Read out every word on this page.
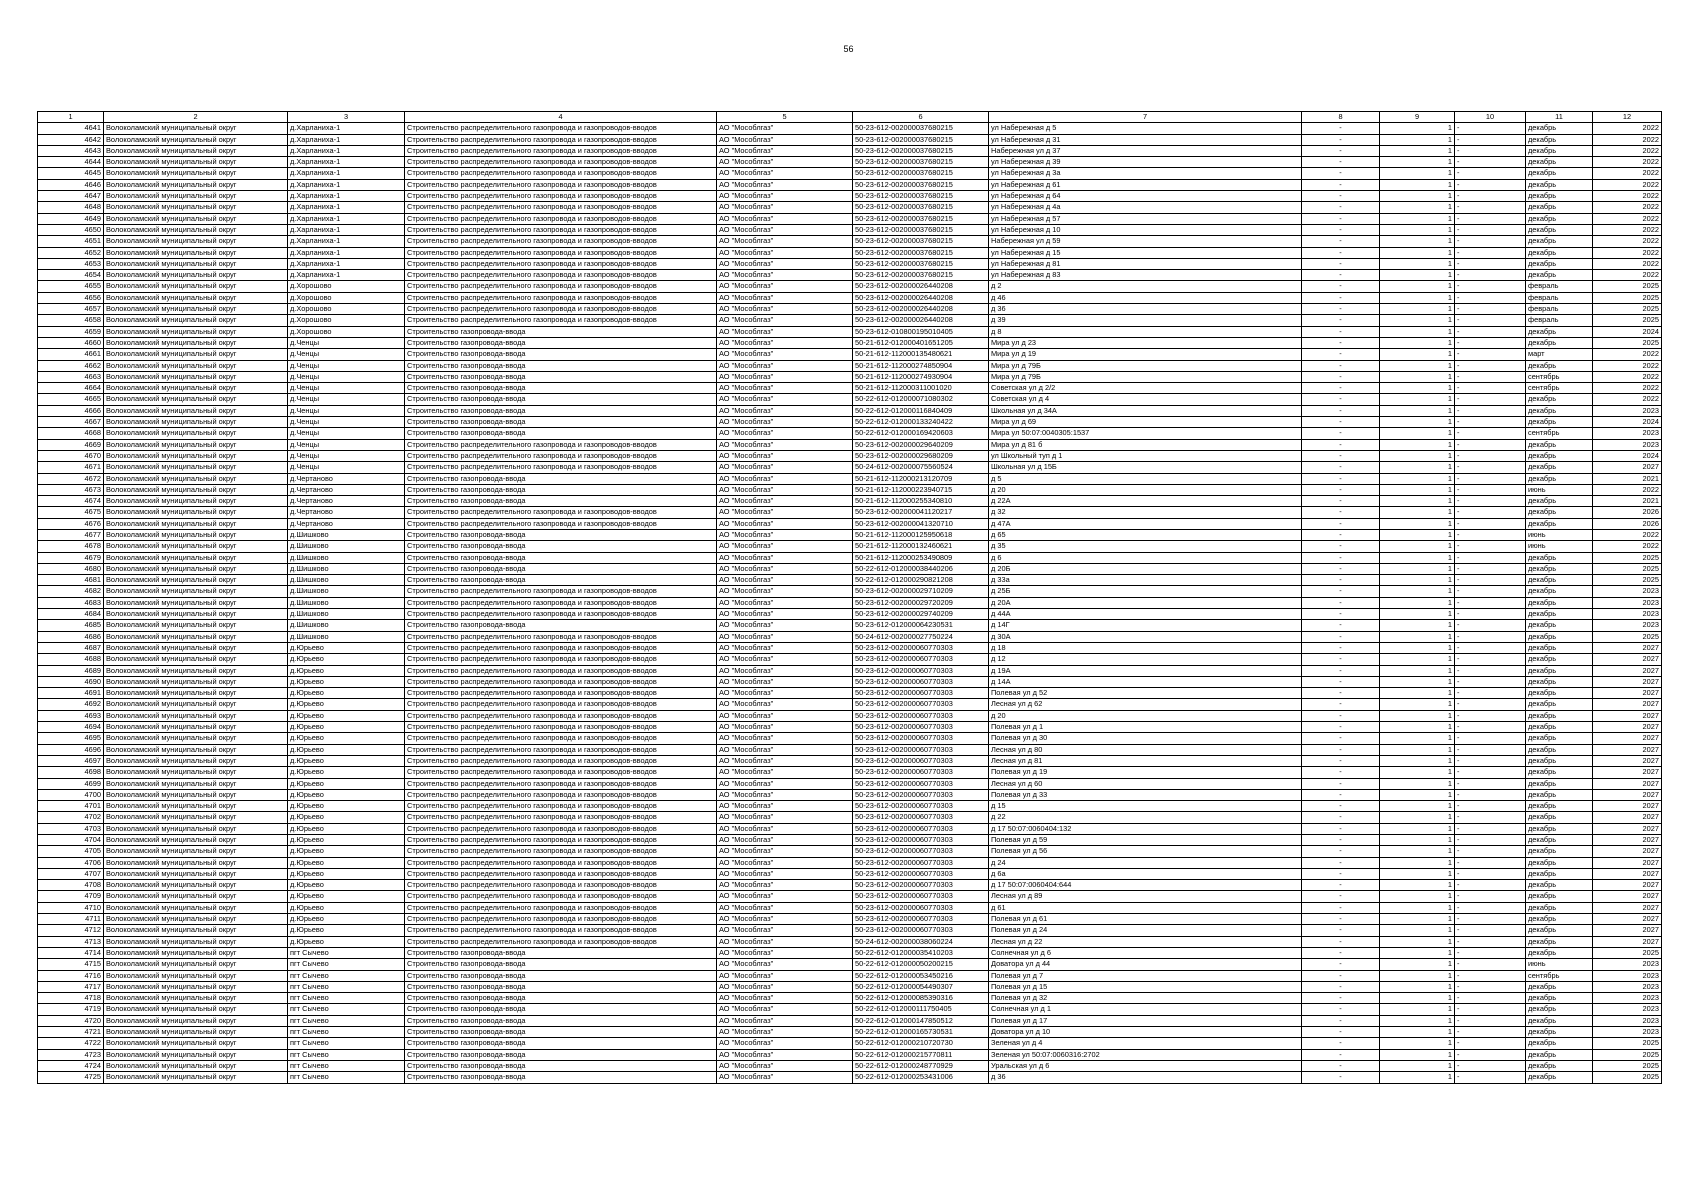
56
1	2	3	4	5	6	7	8	9	10	11	12
4641	Волоколамский муниципальный округ	д.Харланиха-1	Строительство распределительного газопровода и газопроводов-вводов	АО "Мособлгаз"	50-23-612-002000037680215	ул Набережная д 5	-	1	-	декабрь	2022
4642	Волоколамский муниципальный округ	д.Харланиха-1	Строительство распределительного газопровода и газопроводов-вводов	АО "Мособлгаз"	50-23-612-002000037680215	ул Набережная д 31	-	1	-	декабрь	2022
4643	Волоколамский муниципальный округ	д.Харланиха-1	Строительство распределительного газопровода и газопроводов-вводов	АО "Мособлгаз"	50-23-612-002000037680215	Набережная ул д 37	-	1	-	декабрь	2022
4644	Волоколамский муниципальный округ	д.Харланиха-1	Строительство распределительного газопровода и газопроводов-вводов	АО "Мособлгаз"	50-23-612-002000037680215	ул Набережная д 39	-	1	-	декабрь	2022
4645	Волоколамский муниципальный округ	д.Харланиха-1	Строительство распределительного газопровода и газопроводов-вводов	АО "Мособлгаз"	50-23-612-002000037680215	ул Набережная д 3а	-	1	-	декабрь	2022
4646	Волоколамский муниципальный округ	д.Харланиха-1	Строительство распределительного газопровода и газопроводов-вводов	АО "Мособлгаз"	50-23-612-002000037680215	ул Набережная д 61	-	1	-	декабрь	2022
4647	Волоколамский муниципальный округ	д.Харланиха-1	Строительство распределительного газопровода и газопроводов-вводов	АО "Мособлгаз"	50-23-612-002000037680215	ул Набережная д 64	-	1	-	декабрь	2022
4648	Волоколамский муниципальный округ	д.Харланиха-1	Строительство распределительного газопровода и газопроводов-вводов	АО "Мособлгаз"	50-23-612-002000037680215	ул Набережная д 4а	-	1	-	декабрь	2022
4649	Волоколамский муниципальный округ	д.Харланиха-1	Строительство распределительного газопровода и газопроводов-вводов	АО "Мособлгаз"	50-23-612-002000037680215	ул Набережная д 57	-	1	-	декабрь	2022
4650	Волоколамский муниципальный округ	д.Харланиха-1	Строительство распределительного газопровода и газопроводов-вводов	АО "Мособлгаз"	50-23-612-002000037680215	ул Набережная д 10	-	1	-	декабрь	2022
4651	Волоколамский муниципальный округ	д.Харланиха-1	Строительство распределительного газопровода и газопроводов-вводов	АО "Мособлгаз"	50-23-612-002000037680215	Набережная ул д 59	-	1	-	декабрь	2022
4652	Волоколамский муниципальный округ	д.Харланиха-1	Строительство распределительного газопровода и газопроводов-вводов	АО "Мособлгаз"	50-23-612-002000037680215	ул Набережная д 15	-	1	-	декабрь	2022
4653	Волоколамский муниципальный округ	д.Харланиха-1	Строительство распределительного газопровода и газопроводов-вводов	АО "Мособлгаз"	50-23-612-002000037680215	ул Набережная д 81	-	1	-	декабрь	2022
4654	Волоколамский муниципальный округ	д.Харланиха-1	Строительство распределительного газопровода и газопроводов-вводов	АО "Мособлгаз"	50-23-612-002000037680215	ул Набережная д 83	-	1	-	декабрь	2022
4655	Волоколамский муниципальный округ	д.Хорошово	Строительство распределительного газопровода и газопроводов-вводов	АО "Мособлгаз"	50-23-612-002000026440208	д 2	-	1	-	февраль	2025
4656	Волоколамский муниципальный округ	д.Хорошово	Строительство распределительного газопровода и газопроводов-вводов	АО "Мособлгаз"	50-23-612-002000026440208	д 46	-	1	-	февраль	2025
4657	Волоколамский муниципальный округ	д.Хорошово	Строительство распределительного газопровода и газопроводов-вводов	АО "Мособлгаз"	50-23-612-002000026440208	д 36	-	1	-	февраль	2025
4658	Волоколамский муниципальный округ	д.Хорошово	Строительство распределительного газопровода и газопроводов-вводов	АО "Мособлгаз"	50-23-612-002000026440208	д 39	-	1	-	февраль	2025
4659	Волоколамский муниципальный округ	д.Хорошово	Строительство газопровода-ввода	АО "Мособлгаз"	50-23-612-010800195010405	д 8	-	1	-	декабрь	2024
4660	Волоколамский муниципальный округ	д.Ченцы	Строительство газопровода-ввода	АО "Мособлгаз"	50-21-612-012000401651205	Мира ул д 23	-	1	-	декабрь	2025
4661	Волоколамский муниципальный округ	д.Ченцы	Строительство газопровода-ввода	АО "Мособлгаз"	50-21-612-112000135480621	Мира ул д 19	-	1	-	март	2022
4662	Волоколамский муниципальный округ	д.Ченцы	Строительство газопровода-ввода	АО "Мособлгаз"	50-21-612-112000274850904	Мира ул д 79Б	-	1	-	декабрь	2022
4663	Волоколамский муниципальный округ	д.Ченцы	Строительство газопровода-ввода	АО "Мособлгаз"	50-21-612-112000274930904	Мира ул д 79Б	-	1	-	сентябрь	2022
4664	Волоколамский муниципальный округ	д.Ченцы	Строительство газопровода-ввода	АО "Мособлгаз"	50-21-612-112000311001020	Советская ул д 2/2	-	1	-	сентябрь	2022
4665	Волоколамский муниципальный округ	д.Ченцы	Строительство газопровода-ввода	АО "Мособлгаз"	50-22-612-012000071080302	Советская ул д 4	-	1	-	декабрь	2022
4666	Волоколамский муниципальный округ	д.Ченцы	Строительство газопровода-ввода	АО "Мособлгаз"	50-22-612-012000116840409	Школьная ул д 34А	-	1	-	декабрь	2023
4667	Волоколамский муниципальный округ	д.Ченцы	Строительство газопровода-ввода	АО "Мособлгаз"	50-22-612-012000133240422	Мира ул д 69	-	1	-	декабрь	2024
4668	Волоколамский муниципальный округ	д.Ченцы	Строительство газопровода-ввода	АО "Мособлгаз"	50-22-612-012000169420603	Мира ул 50:07:0040305:1537	-	1	-	сентябрь	2023
4669	Волоколамский муниципальный округ	д.Ченцы	Строительство распределительного газопровода и газопроводов-вводов	АО "Мособлгаз"	50-23-612-002000029640209	Мира ул д 81 б	-	1	-	декабрь	2023
4670	Волоколамский муниципальный округ	д.Ченцы	Строительство распределительного газопровода и газопроводов-вводов	АО "Мособлгаз"	50-23-612-002000029680209	ул Школьный туп д 1	-	1	-	декабрь	2024
4671	Волоколамский муниципальный округ	д.Ченцы	Строительство распределительного газопровода и газопроводов-вводов	АО "Мособлгаз"	50-24-612-002000075560524	Школьная ул д 15Б	-	1	-	декабрь	2027
4672	Волоколамский муниципальный округ	д.Чертаново	Строительство газопровода-ввода	АО "Мособлгаз"	50-21-612-112000213120709	д 5	-	1	-	декабрь	2021
4673	Волоколамский муниципальный округ	д.Чертаново	Строительство газопровода-ввода	АО "Мособлгаз"	50-21-612-112000223940715	д 20	-	1	-	июнь	2022
4674	Волоколамский муниципальный округ	д.Чертаново	Строительство газопровода-ввода	АО "Мособлгаз"	50-21-612-112000255340810	д 22А	-	1	-	декабрь	2021
4675	Волоколамский муниципальный округ	д.Чертаново	Строительство распределительного газопровода и газопроводов-вводов	АО "Мособлгаз"	50-23-612-002000041120217	д 32	-	1	-	декабрь	2026
4676	Волоколамский муниципальный округ	д.Чертаново	Строительство распределительного газопровода и газопроводов-вводов	АО "Мособлгаз"	50-23-612-002000041320710	д 47А	-	1	-	декабрь	2026
4677	Волоколамский муниципальный округ	д.Шишково	Строительство газопровода-ввода	АО "Мособлгаз"	50-21-612-112000125950618	д 65	-	1	-	июнь	2022
4678	Волоколамский муниципальный округ	д.Шишково	Строительство газопровода-ввода	АО "Мособлгаз"	50-21-612-112000132460621	д 35	-	1	-	июнь	2022
4679	Волоколамский муниципальный округ	д.Шишково	Строительство газопровода-ввода	АО "Мособлгаз"	50-21-612-112000253490809	д 6	-	1	-	декабрь	2025
4680	Волоколамский муниципальный округ	д.Шишково	Строительство газопровода-ввода	АО "Мособлгаз"	50-22-612-012000038440206	д 20Б	-	1	-	декабрь	2025
4681	Волоколамский муниципальный округ	д.Шишково	Строительство газопровода-ввода	АО "Мособлгаз"	50-22-612-012000290821208	д 33а	-	1	-	декабрь	2025
4682	Волоколамский муниципальный округ	д.Шишково	Строительство распределительного газопровода и газопроводов-вводов	АО "Мособлгаз"	50-23-612-002000029710209	д 25Б	-	1	-	декабрь	2023
4683	Волоколамский муниципальный округ	д.Шишково	Строительство распределительного газопровода и газопроводов-вводов	АО "Мособлгаз"	50-23-612-002000029720209	д 20А	-	1	-	декабрь	2023
4684	Волоколамский муниципальный округ	д.Шишково	Строительство распределительного газопровода и газопроводов-вводов	АО "Мособлгаз"	50-23-612-002000029740209	д 44А	-	1	-	декабрь	2023
4685	Волоколамский муниципальный округ	д.Шишково	Строительство газопровода-ввода	АО "Мособлгаз"	50-23-612-012000064230531	д 14Г	-	1	-	декабрь	2023
4686	Волоколамский муниципальный округ	д.Шишково	Строительство распределительного газопровода и газопроводов-вводов	АО "Мособлгаз"	50-24-612-002000027750224	д 30А	-	1	-	декабрь	2025
4687	Волоколамский муниципальный округ	д.Юрьево	Строительство распределительного газопровода и газопроводов-вводов	АО "Мособлгаз"	50-23-612-002000060770303	д 18	-	1	-	декабрь	2027
4688	Волоколамский муниципальный округ	д.Юрьево	Строительство распределительного газопровода и газопроводов-вводов	АО "Мособлгаз"	50-23-612-002000060770303	д 12	-	1	-	декабрь	2027
4689	Волоколамский муниципальный округ	д.Юрьево	Строительство распределительного газопровода и газопроводов-вводов	АО "Мособлгаз"	50-23-612-002000060770303	д 19А	-	1	-	декабрь	2027
4690	Волоколамский муниципальный округ	д.Юрьево	Строительство распределительного газопровода и газопроводов-вводов	АО "Мособлгаз"	50-23-612-002000060770303	д 14А	-	1	-	декабрь	2027
4691	Волоколамский муниципальный округ	д.Юрьево	Строительство распределительного газопровода и газопроводов-вводов	АО "Мособлгаз"	50-23-612-002000060770303	Полевая ул д 52	-	1	-	декабрь	2027
4692	Волоколамский муниципальный округ	д.Юрьево	Строительство распределительного газопровода и газопроводов-вводов	АО "Мособлгаз"	50-23-612-002000060770303	Лесная ул д 62	-	1	-	декабрь	2027
4693	Волоколамский муниципальный округ	д.Юрьево	Строительство распределительного газопровода и газопроводов-вводов	АО "Мособлгаз"	50-23-612-002000060770303	д 20	-	1	-	декабрь	2027
4694	Волоколамский муниципальный округ	д.Юрьево	Строительство распределительного газопровода и газопроводов-вводов	АО "Мособлгаз"	50-23-612-002000060770303	Полевая ул д 1	-	1	-	декабрь	2027
4695	Волоколамский муниципальный округ	д.Юрьево	Строительство распределительного газопровода и газопроводов-вводов	АО "Мособлгаз"	50-23-612-002000060770303	Полевая ул д 30	-	1	-	декабрь	2027
4696	Волоколамский муниципальный округ	д.Юрьево	Строительство распределительного газопровода и газопроводов-вводов	АО "Мособлгаз"	50-23-612-002000060770303	Лесная ул д 80	-	1	-	декабрь	2027
4697	Волоколамский муниципальный округ	д.Юрьево	Строительство распределительного газопровода и газопроводов-вводов	АО "Мособлгаз"	50-23-612-002000060770303	Лесная ул д 81	-	1	-	декабрь	2027
4698	Волоколамский муниципальный округ	д.Юрьево	Строительство распределительного газопровода и газопроводов-вводов	АО "Мособлгаз"	50-23-612-002000060770303	Полевая ул д 19	-	1	-	декабрь	2027
4699	Волоколамский муниципальный округ	д.Юрьево	Строительство распределительного газопровода и газопроводов-вводов	АО "Мособлгаз"	50-23-612-002000060770303	Лесная ул д 60	-	1	-	декабрь	2027
4700	Волоколамский муниципальный округ	д.Юрьево	Строительство распределительного газопровода и газопроводов-вводов	АО "Мособлгаз"	50-23-612-002000060770303	Полевая ул д 33	-	1	-	декабрь	2027
4701	Волоколамский муниципальный округ	д.Юрьево	Строительство распределительного газопровода и газопроводов-вводов	АО "Мособлгаз"	50-23-612-002000060770303	д 15	-	1	-	декабрь	2027
4702	Волоколамский муниципальный округ	д.Юрьево	Строительство распределительного газопровода и газопроводов-вводов	АО "Мособлгаз"	50-23-612-002000060770303	д 22	-	1	-	декабрь	2027
4703	Волоколамский муниципальный округ	д.Юрьево	Строительство распределительного газопровода и газопроводов-вводов	АО "Мособлгаз"	50-23-612-002000060770303	д 17 50:07:0060404:132	-	1	-	декабрь	2027
4704	Волоколамский муниципальный округ	д.Юрьево	Строительство распределительного газопровода и газопроводов-вводов	АО "Мособлгаз"	50-23-612-002000060770303	Полевая ул д 59	-	1	-	декабрь	2027
4705	Волоколамский муниципальный округ	д.Юрьево	Строительство распределительного газопровода и газопроводов-вводов	АО "Мособлгаз"	50-23-612-002000060770303	Полевая ул д 56	-	1	-	декабрь	2027
4706	Волоколамский муниципальный округ	д.Юрьево	Строительство распределительного газопровода и газопроводов-вводов	АО "Мособлгаз"	50-23-612-002000060770303	д 24	-	1	-	декабрь	2027
4707	Волоколамский муниципальный округ	д.Юрьево	Строительство распределительного газопровода и газопроводов-вводов	АО "Мособлгаз"	50-23-612-002000060770303	д 6а	-	1	-	декабрь	2027
4708	Волоколамский муниципальный округ	д.Юрьево	Строительство распределительного газопровода и газопроводов-вводов	АО "Мособлгаз"	50-23-612-002000060770303	д 17 50:07:0060404:644	-	1	-	декабрь	2027
4709	Волоколамский муниципальный округ	д.Юрьево	Строительство распределительного газопровода и газопроводов-вводов	АО "Мособлгаз"	50-23-612-002000060770303	Лесная ул д 89	-	1	-	декабрь	2027
4710	Волоколамский муниципальный округ	д.Юрьево	Строительство распределительного газопровода и газопроводов-вводов	АО "Мособлгаз"	50-23-612-002000060770303	д 61	-	1	-	декабрь	2027
4711	Волоколамский муниципальный округ	д.Юрьево	Строительство распределительного газопровода и газопроводов-вводов	АО "Мособлгаз"	50-23-612-002000060770303	Полевая ул д 61	-	1	-	декабрь	2027
4712	Волоколамский муниципальный округ	д.Юрьево	Строительство распределительного газопровода и газопроводов-вводов	АО "Мособлгаз"	50-23-612-002000060770303	Полевая ул д 24	-	1	-	декабрь	2027
4713	Волоколамский муниципальный округ	д.Юрьево	Строительство распределительного газопровода и газопроводов-вводов	АО "Мособлгаз"	50-24-612-002000038060224	Лесная ул д 22	-	1	-	декабрь	2027
4714	Волоколамский муниципальный округ	пгт Сычево	Строительство газопровода-ввода	АО "Мособлгаз"	50-22-612-012000035410203	Солнечная ул д 6	-	1	-	декабрь	2025
4715	Волоколамский муниципальный округ	пгт Сычево	Строительство газопровода-ввода	АО "Мособлгаз"	50-22-612-012000050200215	Доватора ул д 44	-	1	-	июнь	2023
4716	Волоколамский муниципальный округ	пгт Сычево	Строительство газопровода-ввода	АО "Мособлгаз"	50-22-612-012000053450216	Полевая ул д 7	-	1	-	сентябрь	2023
4717	Волоколамский муниципальный округ	пгт Сычево	Строительство газопровода-ввода	АО "Мособлгаз"	50-22-612-012000054490307	Полевая ул д 15	-	1	-	декабрь	2023
4718	Волоколамский муниципальный округ	пгт Сычево	Строительство газопровода-ввода	АО "Мособлгаз"	50-22-612-012000085390316	Полевая ул д 32	-	1	-	декабрь	2023
4719	Волоколамский муниципальный округ	пгт Сычево	Строительство газопровода-ввода	АО "Мособлгаз"	50-22-612-012000111750405	Солнечная ул д 1	-	1	-	декабрь	2023
4720	Волоколамский муниципальный округ	пгт Сычево	Строительство газопровода-ввода	АО "Мособлгаз"	50-22-612-012000147850512	Полевая ул д 17	-	1	-	декабрь	2023
4721	Волоколамский муниципальный округ	пгт Сычево	Строительство газопровода-ввода	АО "Мособлгаз"	50-22-612-012000165730531	Доватора ул д 10	-	1	-	декабрь	2023
4722	Волоколамский муниципальный округ	пгт Сычево	Строительство газопровода-ввода	АО "Мособлгаз"	50-22-612-012000210720730	Зеленая ул д 4	-	1	-	декабрь	2025
4723	Волоколамский муниципальный округ	пгт Сычево	Строительство газопровода-ввода	АО "Мособлгаз"	50-22-612-012000215770811	Зеленая ул 50:07:0060316:2702	-	1	-	декабрь	2025
4724	Волоколамский муниципальный округ	пгт Сычево	Строительство газопровода-ввода	АО "Мособлгаз"	50-22-612-012000248770929	Уральская ул д 6	-	1	-	декабрь	2025
4725	Волоколамский муниципальный округ	пгт Сычево	Строительство газопровода-ввода	АО "Мособлгаз"	50-22-612-012000253431006	д 36	-	1	-	декабрь	2025
